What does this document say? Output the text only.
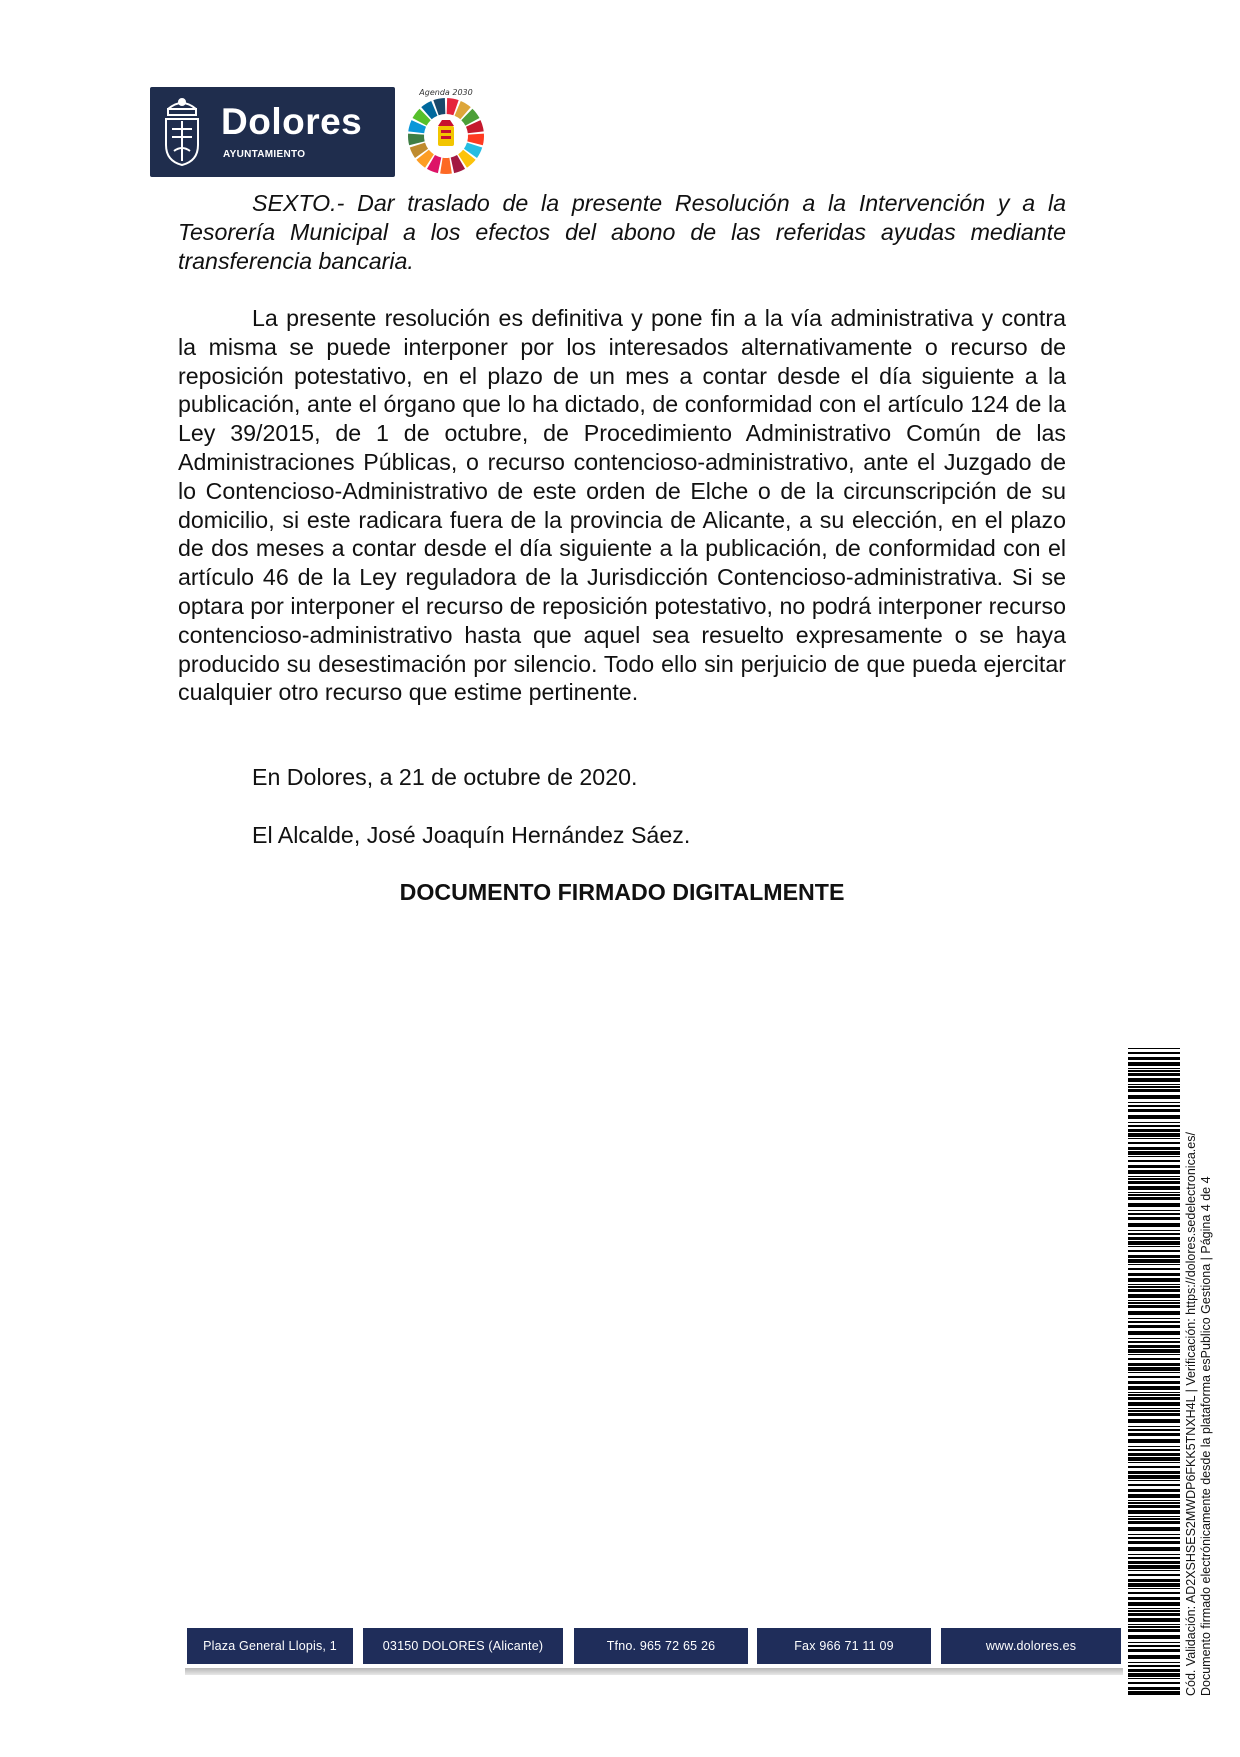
Dolores
AYUNTAMIENTO
Agenda 2030
SEXTO.- Dar traslado de la presente Resolución a la Intervención y a la Tesorería Municipal a los efectos del abono de las referidas ayudas mediante transferencia bancaria.
La presente resolución es definitiva y pone fin a la vía administrativa y contra la misma se puede interponer por los interesados alternativamente o recurso de reposición potestativo, en el plazo de un mes a contar desde el día siguiente a la publicación, ante el órgano que lo ha dictado, de conformidad con el artículo 124 de la Ley 39/2015, de 1 de octubre, de Procedimiento Administrativo Común de las Administraciones Públicas, o recurso contencioso-administrativo, ante el Juzgado de lo Contencioso-Administrativo de este orden de Elche o de la circunscripción de su domicilio, si este radicara fuera de la provincia de Alicante, a su elección, en el plazo de dos meses a contar desde el día siguiente a la publicación, de conformidad con el artículo 46 de la Ley reguladora de la Jurisdicción Contencioso-administrativa. Si se optara por interponer el recurso de reposición potestativo, no podrá interponer recurso contencioso-administrativo hasta que aquel sea resuelto expresamente o se haya producido su desestimación por silencio. Todo ello sin perjuicio de que pueda ejercitar cualquier otro recurso que estime pertinente.
En Dolores, a 21 de octubre de 2020.
El Alcalde, José Joaquín Hernández Sáez.
DOCUMENTO FIRMADO DIGITALMENTE
Plaza General Llopis, 1	03150 DOLORES (Alicante)	Tfno. 965 72 65 26	Fax 966 71 11 09	www.dolores.es	Cód. Validación: AD2XSHSES2MWDP6FKK5TNXH4L | Verificación: https://dolores.sedelectronica.es/ Documento firmado electrónicamente desde la plataforma esPublico Gestiona | Página 4 de 4
